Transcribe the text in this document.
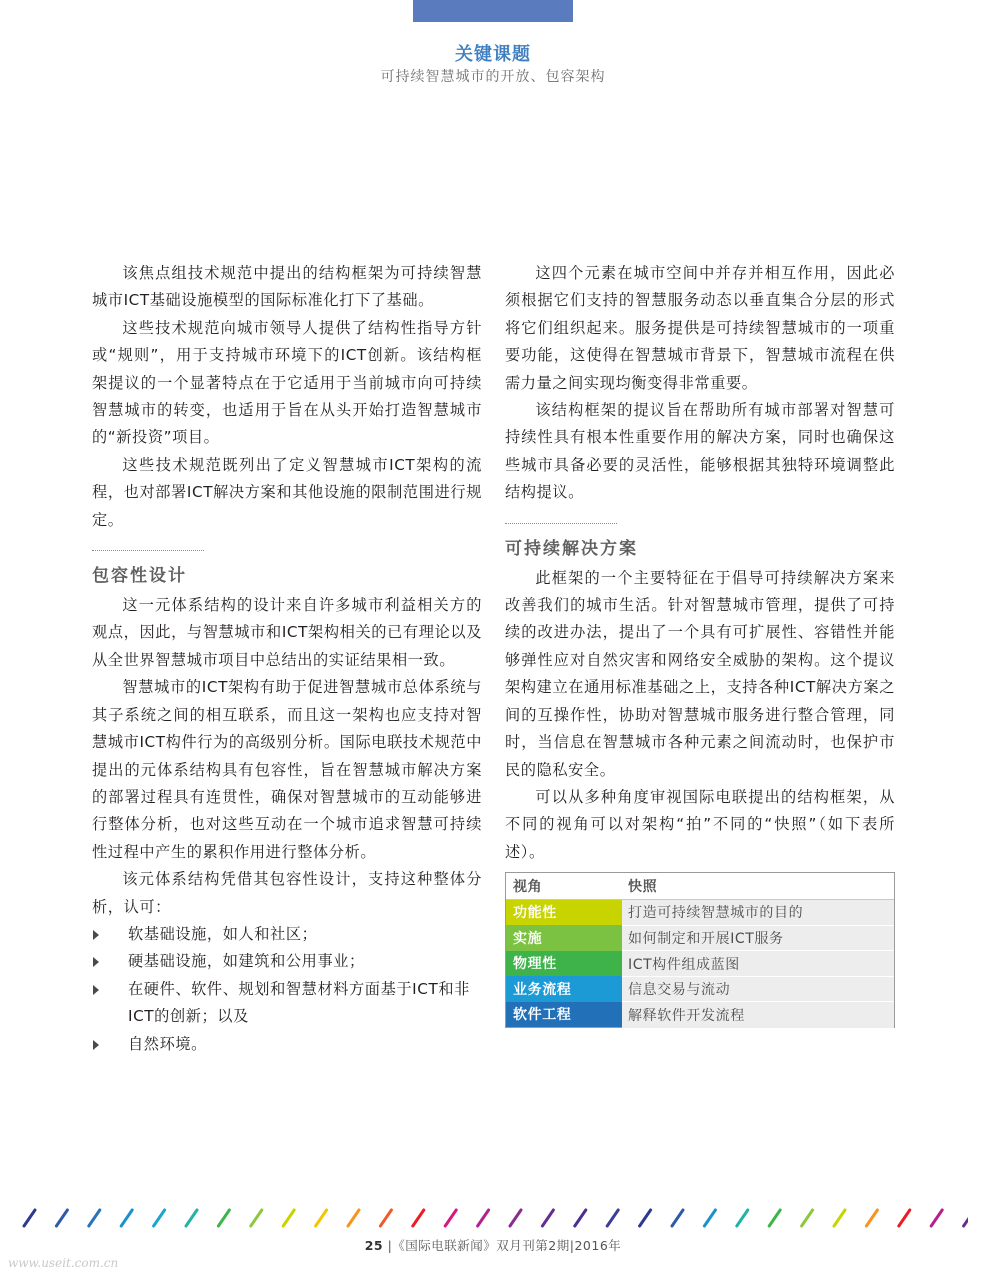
关键课题
可持续智慧城市的开放、包容架构

该焦点组技术规范中提出的结构框架为可持续智慧城市ICT基础设施模型的国际标准化打下了基础。

这些技术规范向城市领导人提供了结构性指导方针或“规则”，用于支持城市环境下的ICT创新。该结构框架提议的一个显著特点在于它适用于当前城市向可持续智慧城市的转变，也适用于旨在从头开始打造智慧城市的“新投资”项目。

这些技术规范既列出了定义智慧城市ICT架构的流程，也对部署ICT解决方案和其他设施的限制范围进行规定。

包容性设计

这一元体系结构的设计来自许多城市利益相关方的观点，因此，与智慧城市和ICT架构相关的已有理论以及从全世界智慧城市项目中总结出的实证结果相一致。

智慧城市的ICT架构有助于促进智慧城市总体系统与其子系统之间的相互联系，而且这一架构也应支持对智慧城市ICT构件行为的高级别分析。国际电联技术规范中提出的元体系结构具有包容性，旨在智慧城市解决方案的部署过程具有连贯性，确保对智慧城市的互动能够进行整体分析，也对这些互动在一个城市追求智慧可持续性过程中产生的累积作用进行整体分析。

该元体系结构凭借其包容性设计，支持这种整体分析，认可：

软基础设施，如人和社区；
硬基础设施，如建筑和公用事业；
在硬件、软件、规划和智慧材料方面基于ICT和非ICT的创新；以及
自然环境。

这四个元素在城市空间中并存并相互作用，因此必须根据它们支持的智慧服务动态以垂直集合分层的形式将它们组织起来。服务提供是可持续智慧城市的一项重要功能，这使得在智慧城市背景下，智慧城市流程在供需力量之间实现均衡变得非常重要。

该结构框架的提议旨在帮助所有城市部署对智慧可持续性具有根本性重要作用的解决方案，同时也确保这些城市具备必要的灵活性，能够根据其独特环境调整此结构提议。

可持续解决方案

此框架的一个主要特征在于倡导可持续解决方案来改善我们的城市生活。针对智慧城市管理，提供了可持续的改进办法，提出了一个具有可扩展性、容错性并能够弹性应对自然灾害和网络安全威胁的架构。这个提议架构建立在通用标准基础之上，支持各种ICT解决方案之间的互操作性，协助对智慧城市服务进行整合管理，同时，当信息在智慧城市各种元素之间流动时，也保护市民的隐私安全。

可以从多种角度审视国际电联提出的结构框架，从不同的视角可以对架构“拍”不同的“快照”（如下表所述）。

视角	快照
功能性	打造可持续智慧城市的目的
实施	如何制定和开展ICT服务
物理性	ICT构件组成蓝图
业务流程	信息交易与流动
软件工程	解释软件开发流程
25 |《国际电联新闻》双月刊第2期|2016年
www.useit.com.cn
